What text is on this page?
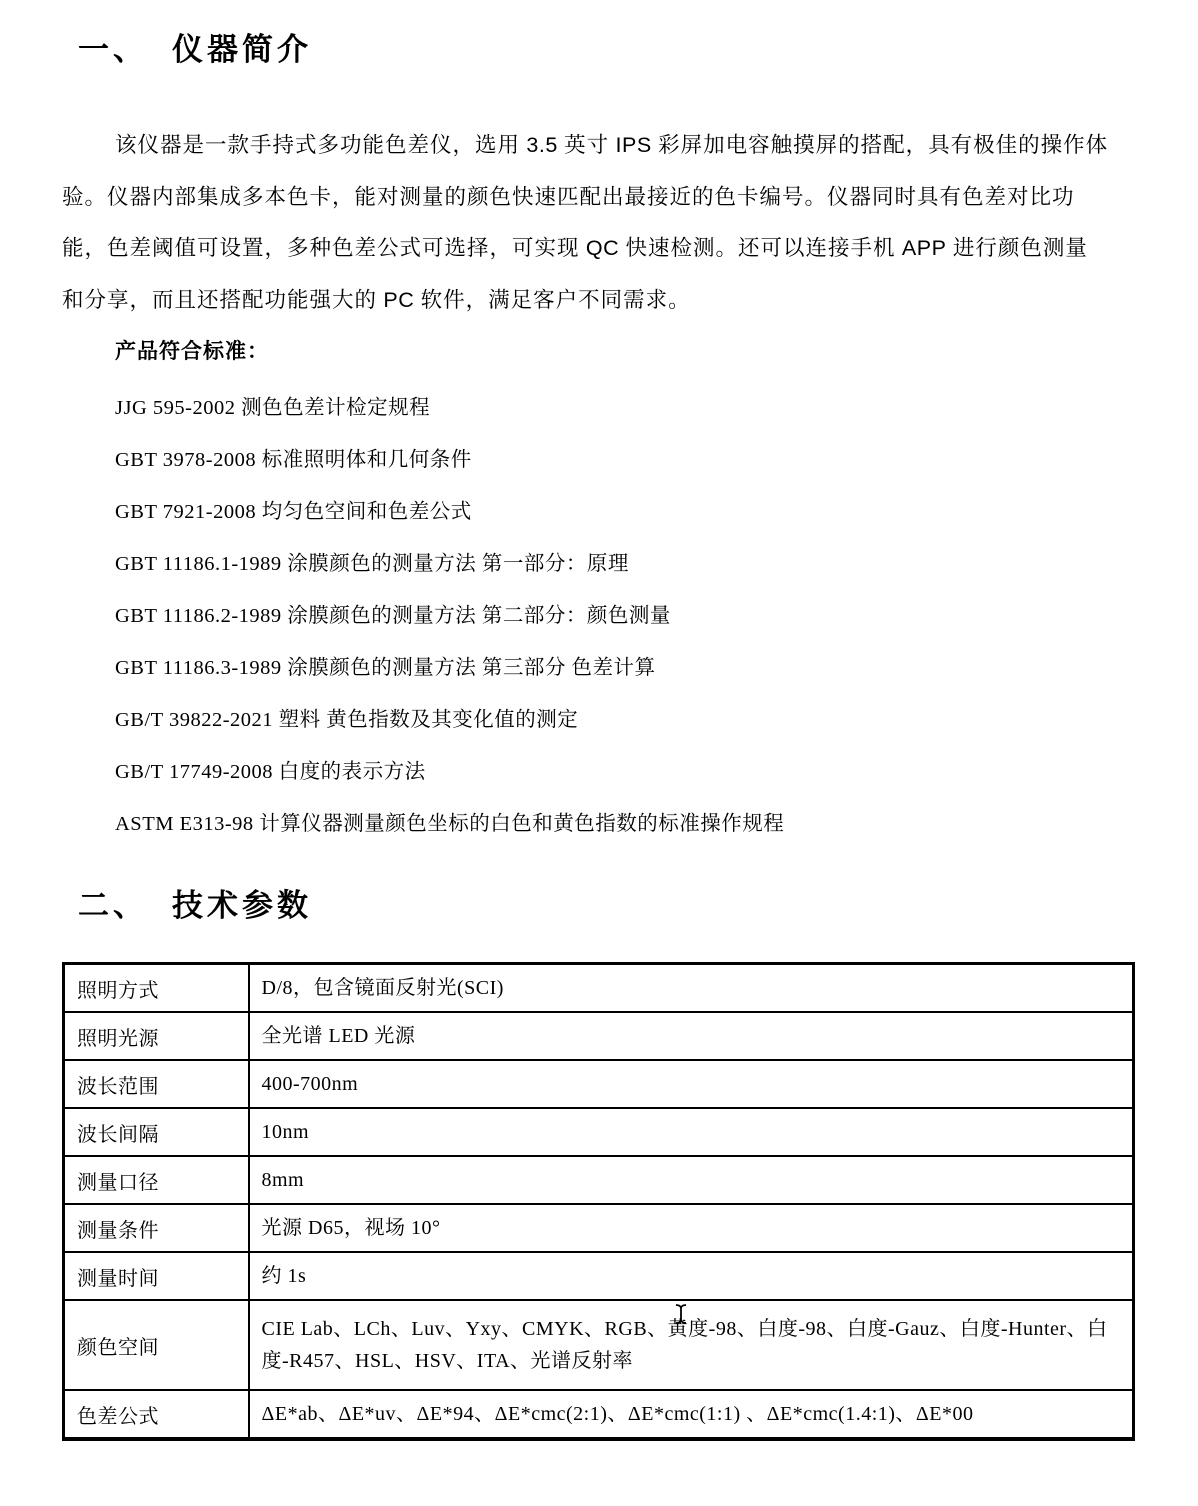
一、 仪器简介
该仪器是一款手持式多功能色差仪，选用 3.5 英寸 IPS 彩屏加电容触摸屏的搭配，具有极佳的操作体
验。仪器内部集成多本色卡，能对测量的颜色快速匹配出最接近的色卡编号。仪器同时具有色差对比功
能，色差阈值可设置，多种色差公式可选择，可实现 QC 快速检测。还可以连接手机 APP 进行颜色测量
和分享，而且还搭配功能强大的 PC 软件，满足客户不同需求。
产品符合标准：
JJG 595-2002 测色色差计检定规程
GBT 3978-2008 标准照明体和几何条件
GBT 7921-2008 均匀色空间和色差公式
GBT 11186.1-1989 涂膜颜色的测量方法 第一部分：原理
GBT 11186.2-1989 涂膜颜色的测量方法 第二部分：颜色测量
GBT 11186.3-1989 涂膜颜色的测量方法 第三部分 色差计算
GB/T 39822-2021 塑料 黄色指数及其变化值的测定
GB/T 17749-2008 白度的表示方法
ASTM E313-98 计算仪器测量颜色坐标的白色和黄色指数的标准操作规程
二、 技术参数
照明方式	D/8，包含镜面反射光(SCI)

照明光源	全光谱 LED 光源

波长范围	400-700nm

波长间隔	10nm

测量口径	8mm

测量条件	光源 D65，视场 10°

测量时间	约 1s

颜色空间	CIE Lab、LCh、Luv、Yxy、CMYK、RGB、黄度-98、白度-98、白度-Gauz、白度-Hunter、白度-R457、HSL、HSV、ITA、光谱反射率

色差公式	ΔE*ab、ΔE*uv、ΔE*94、ΔE*cmc(2:1)、ΔE*cmc(1:1) 、ΔE*cmc(1.4:1)、ΔE*00
